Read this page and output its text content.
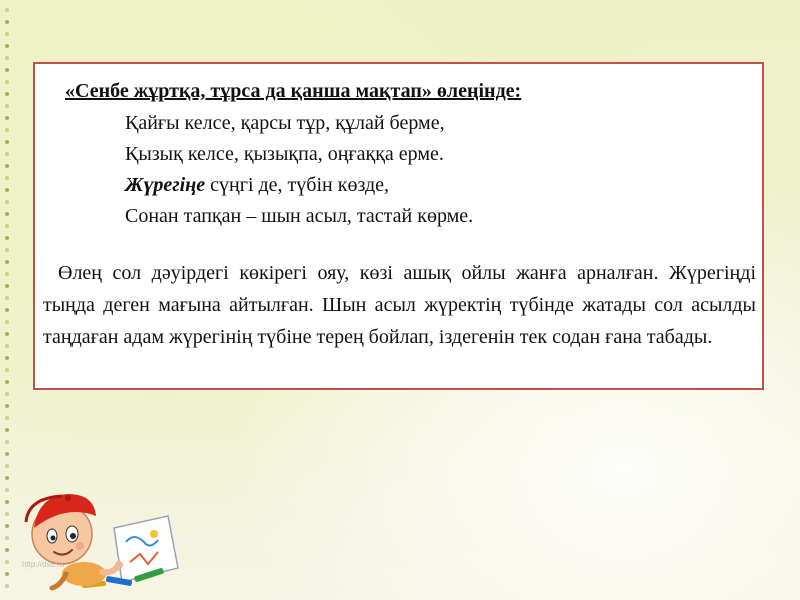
«Сенбе жұртқа, тұрса да қанша мақтап» өлеңінде:
Қайғы келсе, қарсы тұр, құлай берме,
Қызық келсе, қызықпа, оңғаққа ерме.
Жүрегіңе сүңгі де, түбін көзде,
Сонан тапқан – шын асыл, тастай көрме.
Өлең сол дәуірдегі көкірегі ояу, көзі ашық ойлы жанға арналған. Жүрегіңді тыңда деген мағына айтылған. Шын асыл жүректің түбінде жатады сол асылды таңдаған адам жүрегінің түбіне терең бойлап, іздегенін тек содан ғана табады.
http://ds8.ru
